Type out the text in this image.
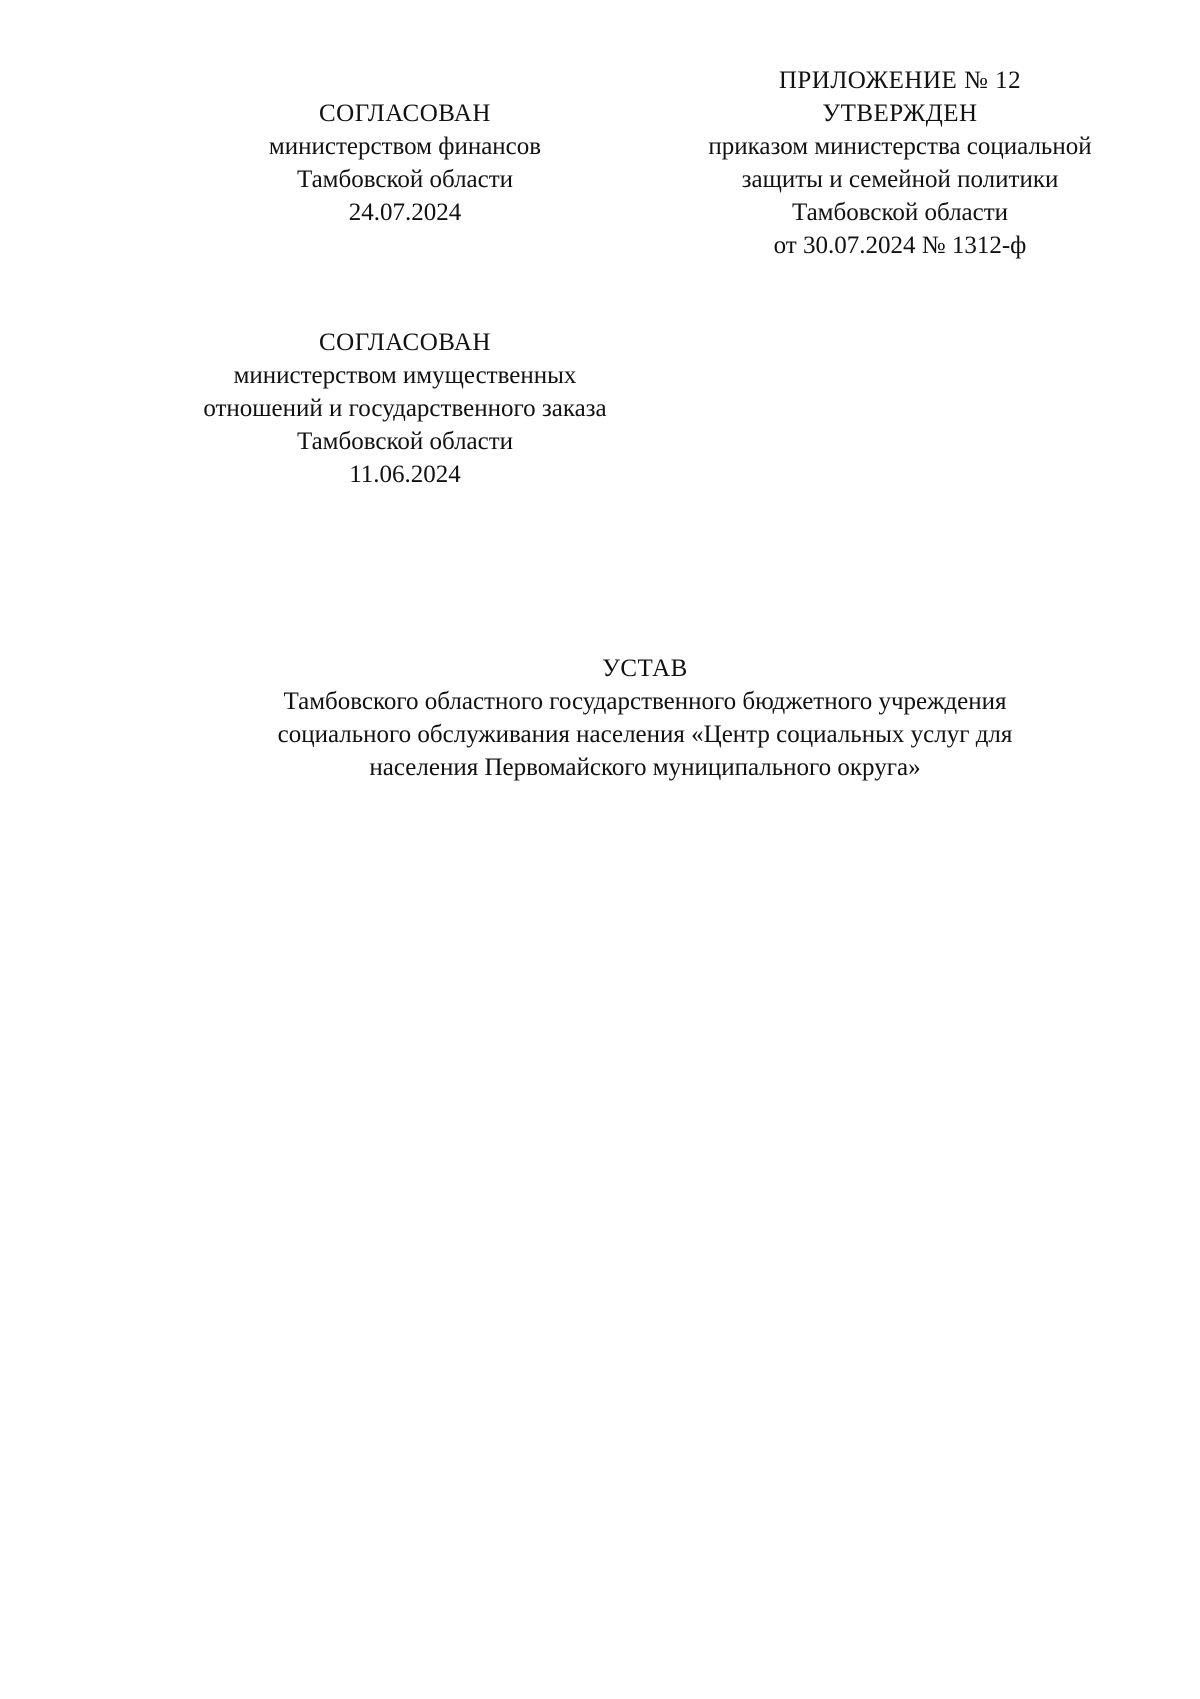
ПРИЛОЖЕНИЕ № 12
УТВЕРЖДЕН
приказом министерства социальной
защиты и семейной политики
Тамбовской области
от 30.07.2024 № 1312-ф
СОГЛАСОВАН
министерством финансов
Тамбовской области
24.07.2024
СОГЛАСОВАН
министерством имущественных
отношений и государственного заказа
Тамбовской области
11.06.2024
УСТАВ
Тамбовского областного государственного бюджетного учреждения
социального обслуживания населения «Центр социальных услуг для
населения Первомайского муниципального округа»
